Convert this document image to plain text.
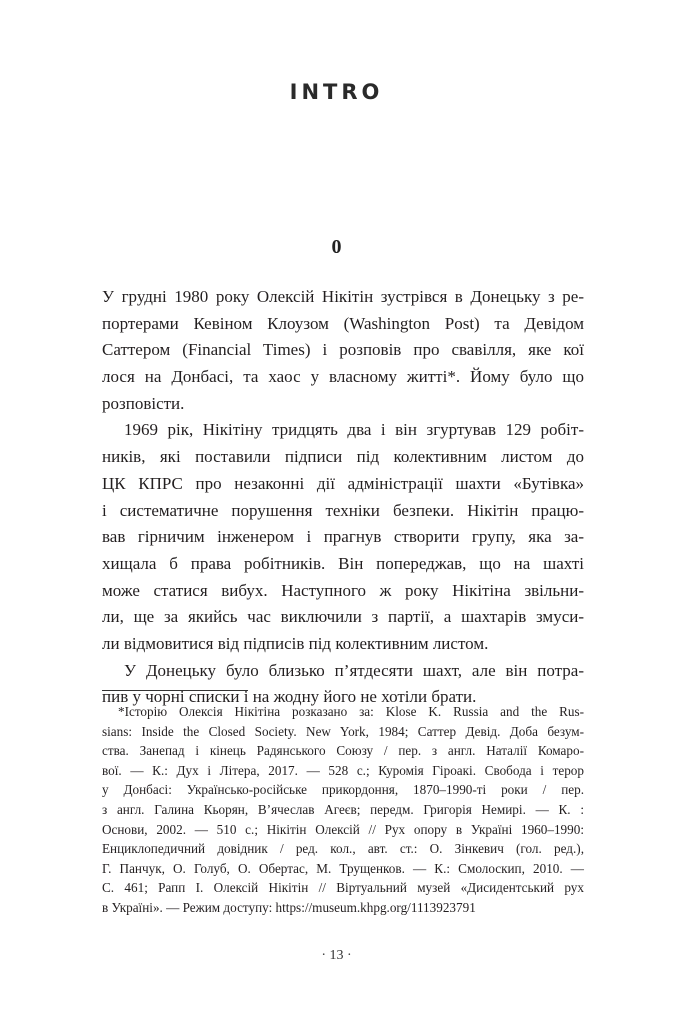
INTRO
0
У грудні 1980 року Олексій Нікітін зустрівся в Донецьку з ре-
портерами Кевіном Клоузом (Washington Post) та Девідом
Саттером (Financial Times) і розповів про свавілля, яке кої
лося на Донбасі, та хаос у власному житті*. Йому було що
розповісти.
1969 рік, Нікітіну тридцять два і він згуртував 129 робіт-
ників, які поставили підписи під колективним листом до
ЦК КПРС про незаконні дії адміністрації шахти «Бутівка»
і систематичне порушення техніки безпеки. Нікітін працю-
вав гірничим інженером і прагнув створити групу, яка за-
хищала б права робітників. Він попереджав, що на шахті
може статися вибух. Наступного ж року Нікітіна звільни-
ли, ще за якийсь час виключили з партії, а шахтарів змуси-
ли відмовитися від підписів під колективним листом.
У Донецьку було близько п’ятдесяти шахт, але він потра-
пив у чорні списки і на жодну його не хотіли брати.
*Історію Олексія Нікітіна розказано за: Klose K. Russia and the Rus-
sians: Inside the Closed Society. New York, 1984; Саттер Девід. Доба безум-
ства. Занепад і кінець Радянського Союзу / пер. з англ. Наталії Комаро-
вої. — К.: Дух і Літера, 2017. — 528 с.; Куромія Гіроакі. Свобода і терор
у Донбасі: Українсько-російське прикордоння, 1870–1990-ті роки / пер.
з англ. Галина Кьорян, В’ячеслав Агеєв; передм. Григорія Немирі. — К. :
Основи, 2002. — 510 с.; Нікітін Олексій // Рух опору в Україні 1960–1990:
Енциклопедичний довідник / ред. кол., авт. ст.: О. Зінкевич (гол. ред.),
Г. Панчук, О. Голуб, О. Обертас, М. Трущенков. — К.: Смолоскип, 2010. —
С. 461; Рапп І. Олексій Нікітін // Віртуальний музей «Дисидентський рух
в Україні». — Режим доступу: https://museum.khpg.org/1113923791
· 13 ·
